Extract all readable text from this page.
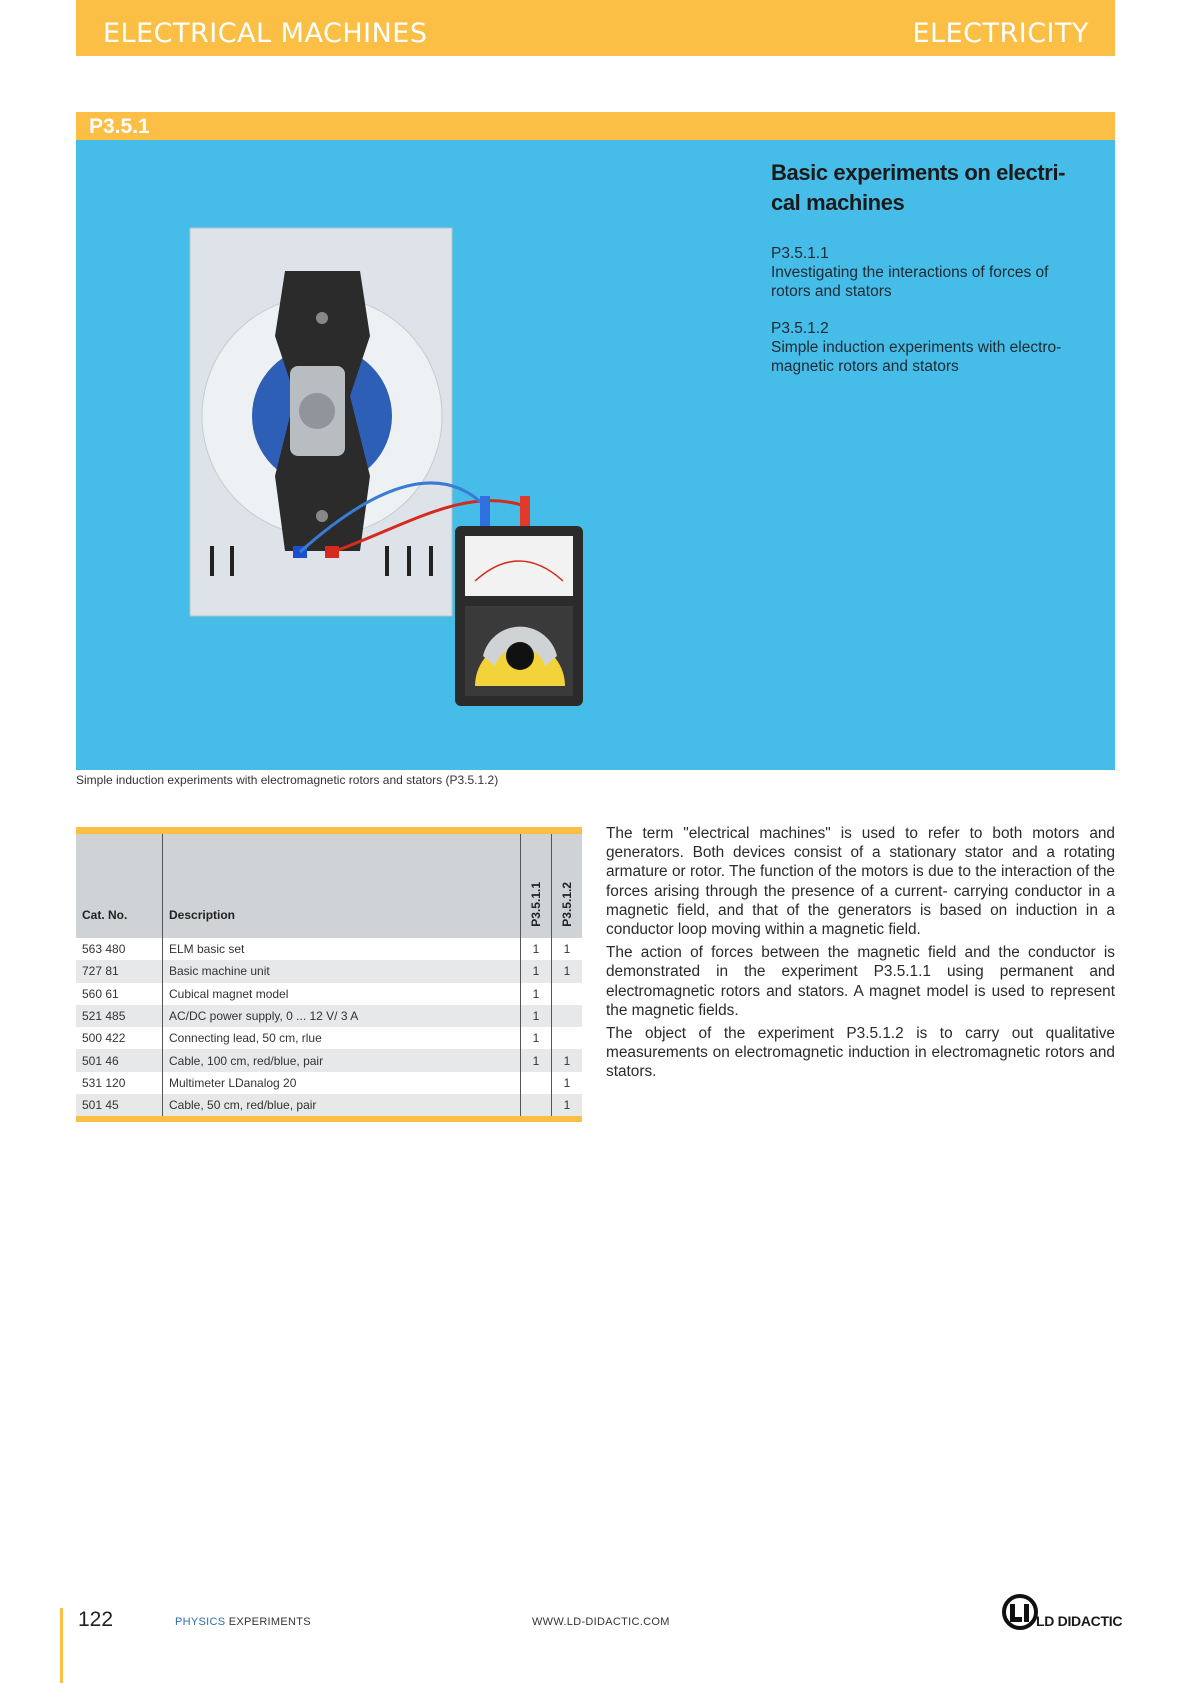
ELECTRICAL MACHINES	ELECTRICITY
P3.5.1
Basic experiments on electri-
cal machines
P3.5.1.1
Investigating the interactions of forces of
rotors and stators
P3.5.1.2
Simple induction experiments with electro-
magnetic rotors and stators
Simple induction experiments with electromagnetic rotors and stators (P3.5.1.2)
Cat. No.	Description	P3.5.1.1	P3.5.1.2
563 480	ELM basic set	1	1
727 81	Basic machine unit	1	1
560 61	Cubical magnet model	1	
521 485	AC/DC power supply, 0 ... 12 V/ 3 A	1	
500 422	Connecting lead, 50 cm, rlue	1	
501 46	Cable, 100 cm, red/blue, pair	1	1
531 120	Multimeter LDanalog 20		1
501 45	Cable, 50 cm, red/blue, pair		1

The term "electrical machines" is used to refer to both motors and generators. Both devices consist of a stationary stator and a rotating armature or rotor. The function of the motors is due to the interaction of the forces arising through the presence of a current- carrying conductor in a magnetic field, and that of the generators is based on induction in a conductor loop moving within a magnetic field.

The action of forces between the magnetic field and the conductor is demonstrated in the experiment P3.5.1.1 using permanent and electromagnetic rotors and stators. A magnet model is used to represent the magnetic fields.

The object of the experiment P3.5.1.2 is to carry out qualitative measurements on electromagnetic induction in electromagnetic rotors and stators.

122	PHYSICS EXPERIMENTS	WWW.LD-DIDACTIC.COM	LD DIDACTIC
